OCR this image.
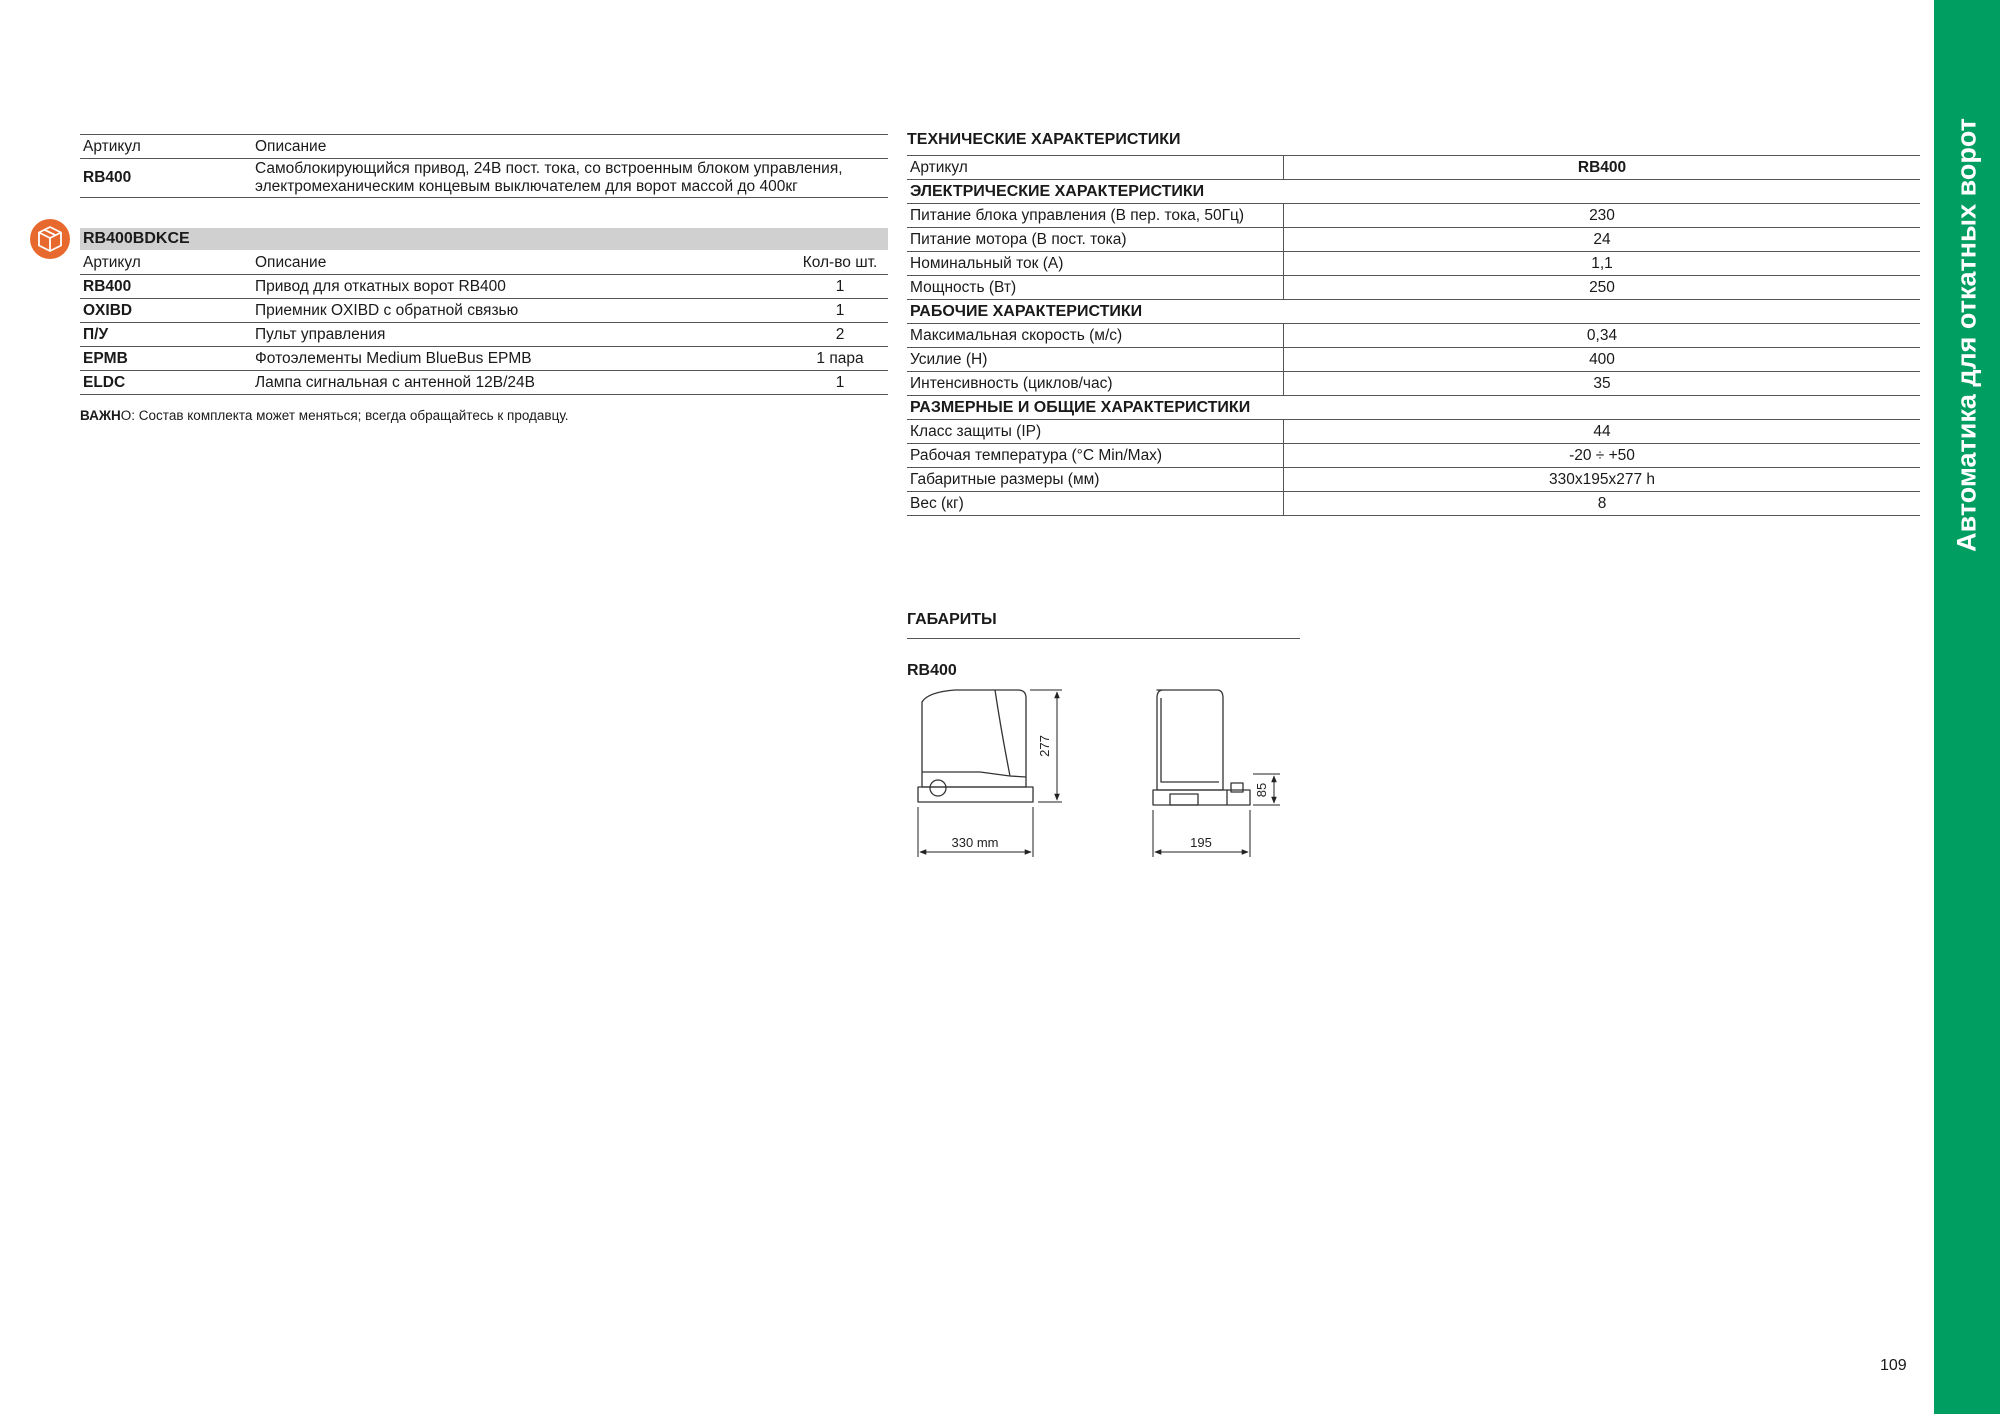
Артикул	Описание
RB400	Самоблокирующийся привод, 24В пост. тока, со встроенным блоком управления,
электромеханическим концевым выключателем для ворот массой до 400кг
RB400BDKCE
Артикул	Описание	Кол-во шт.
RB400	Привод для откатных ворот RB400	1
OXIBD	Приемник OXIBD с обратной связью	1
П/У	Пульт управления	2
EPMB	Фотоэлементы Medium BlueBus EPMB	1 пара
ELDC	Лампа сигнальная с антенной 12В/24В	1
ВАЖНО: Состав комплекта может меняться; всегда обращайтесь к продавцу.
ТЕХНИЧЕСКИЕ ХАРАКТЕРИСТИКИ
Артикул	RB400
ЭЛЕКТРИЧЕСКИЕ ХАРАКТЕРИСТИКИ	
Питание блока управления (В пер. тока, 50Гц)	230
Питание мотора (В пост. тока)	24
Номинальный ток (А)	1,1
Мощность (Вт)	250
РАБОЧИЕ ХАРАКТЕРИСТИКИ	
Максимальная скорость (м/с)	0,34
Усилие (Н)	400
Интенсивность (циклов/час)	35
РАЗМЕРНЫЕ И ОБЩИЕ ХАРАКТЕРИСТИКИ	
Класс защиты (IP)	44
Рабочая температура (°C Min/Max)	-20 ÷ +50
Габаритные размеры (мм)	330x195x277 h
Вес (кг)	8
ГАБАРИТЫ
RB400
330 mm
277
195
85
Автоматика для откатных ворот
109
